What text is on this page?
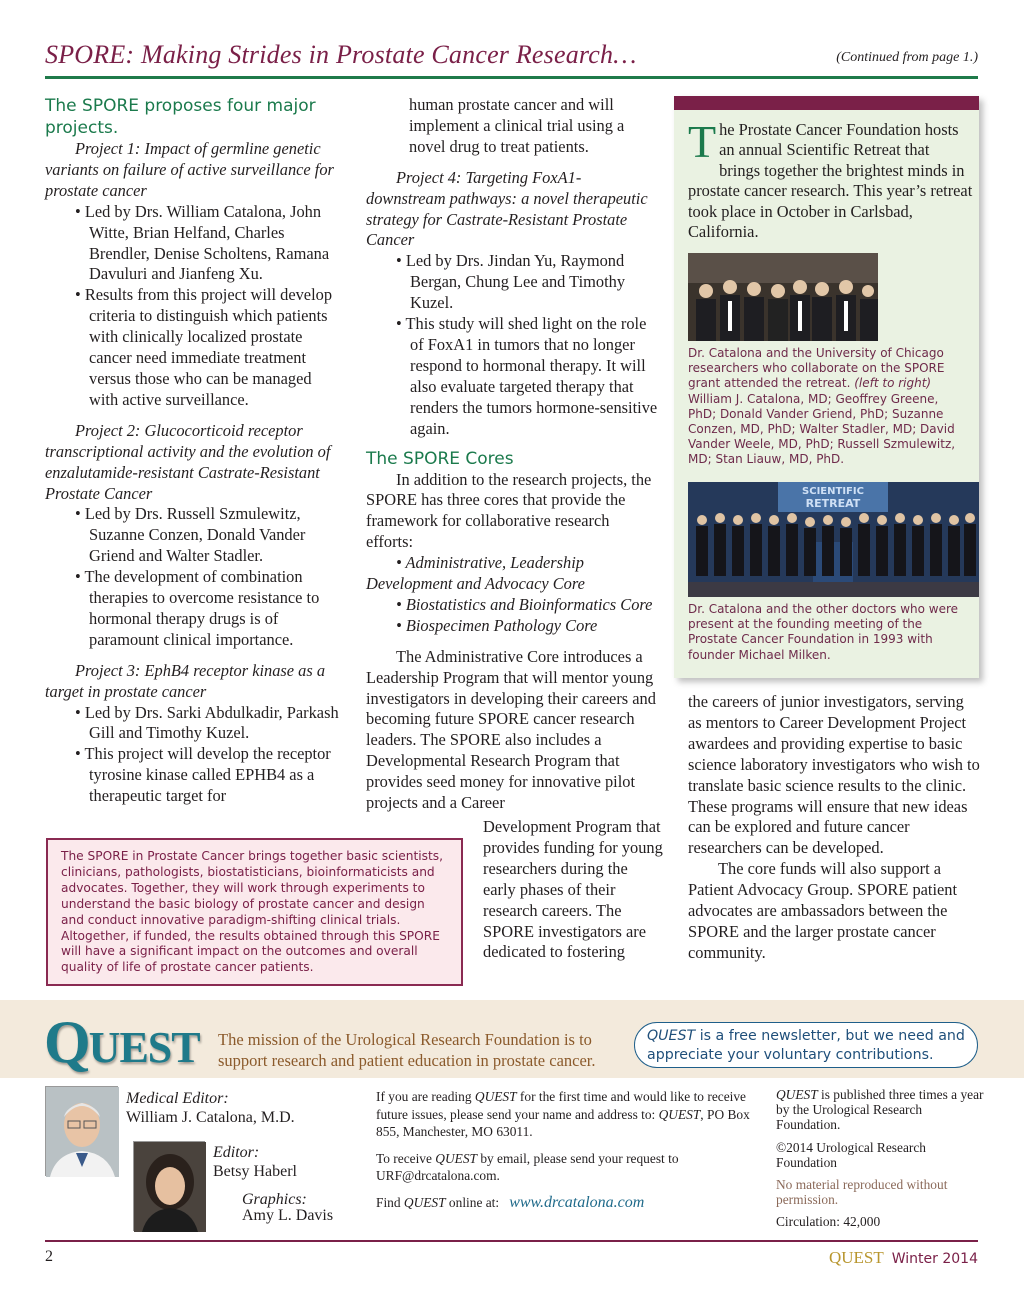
SPORE: Making Strides in Prostate Cancer Research…	(Continued from page 1.)

The SPORE proposes four major projects.

Project 1: Impact of germline genetic variants on failure of active surveillance for prostate cancer

• Led by Drs. William Catalona, John Witte, Brian Helfand, Charles Brendler, Denise Scholtens, Ramana Davuluri and Jianfeng Xu.

• Results from this project will develop criteria to distinguish which patients with clinically localized prostate cancer need immediate treatment versus those who can be managed with active surveillance.

Project 2: Glucocorticoid receptor transcriptional activity and the evolution of enzalutamide-resistant Castrate-Resistant Prostate Cancer

• Led by Drs. Russell Szmulewitz, Suzanne Conzen, Donald Vander Griend and Walter Stadler.

• The development of combination therapies to overcome resistance to hormonal therapy drugs is of paramount clinical importance.

Project 3: EphB4 receptor kinase as a target in prostate cancer

• Led by Drs. Sarki Abdulkadir, Parkash Gill and Timothy Kuzel.

• This project will develop the receptor tyrosine kinase called EPHB4 as a therapeutic target for

human prostate cancer and will implement a clinical trial using a novel drug to treat patients.

Project 4: Targeting FoxA1-downstream pathways: a novel therapeutic strategy for Castrate-Resistant Prostate Cancer

• Led by Drs. Jindan Yu, Raymond Bergan, Chung Lee and Timothy Kuzel.

• This study will shed light on the role of FoxA1 in tumors that no longer respond to hormonal therapy. It will also evaluate targeted therapy that renders the tumors hormone-sensitive again.

The SPORE Cores

In addition to the research projects, the SPORE has three cores that provide the framework for collaborative research efforts:

• Administrative, Leadership Development and Advocacy Core

• Biostatistics and Bioinformatics Core

• Biospecimen Pathology Core

The Administrative Core introduces a Leadership Program that will mentor young investigators in developing their careers and becoming future SPORE cancer research leaders. The SPORE also includes a Developmental Research Program that provides seed money for innovative pilot projects and a Career

Development Program that provides funding for young researchers during the early phases of their research careers. The SPORE investigators are dedicated to fostering

the careers of junior investigators, serving as mentors to Career Development Project awardees and providing expertise to basic science laboratory investigators who wish to translate basic science results to the clinic. These programs will ensure that new ideas can be explored and future cancer researchers can be developed.

The core funds will also support a Patient Advocacy Group. SPORE patient advocates are ambassadors between the SPORE and the larger prostate cancer community.

The Prostate Cancer Foundation hosts an annual Scientific Retreat that brings together the brightest minds in prostate cancer research. This year’s retreat took place in October in Carlsbad, California.
Dr. Catalona and the University of Chicago researchers who collaborate on the SPORE grant attended the retreat. (left to right) William J. Catalona, MD; Geoffrey Greene, PhD; Donald Vander Griend, PhD; Suzanne Conzen, MD, PhD; Walter Stadler, MD; David Vander Weele, MD, PhD; Russell Szmulewitz, MD; Stan Liauw, MD, PhD.
SCIENTIFIC
RETREAT
Dr. Catalona and the other doctors who were present at the founding meeting of the Prostate Cancer Foundation in 1993 with founder Michael Milken.

The SPORE in Prostate Cancer brings together basic scientists, clinicians, pathologists, biostatisticians, bioinformaticists and advocates. Together, they will work through experiments to understand the basic biology of prostate cancer and design and conduct innovative paradigm-shifting clinical trials. Altogether, if funded, the results obtained through this SPORE will have a significant impact on the outcomes and overall quality of life of prostate cancer patients.

QUEST The mission of the Urological Research Foundation is to support research and patient education in prostate cancer.
QUEST is a free newsletter, but we need and appreciate your voluntary contributions.
Medical Editor:
William J. Catalona, M.D.
Editor:
Betsy Haberl
Graphics:
Amy L. Davis

If you are reading QUEST for the first time and would like to receive future issues, please send your name and address to: QUEST, PO Box 855, Manchester, MO 63011.

To receive QUEST by email, please send your request to URF@drcatalona.com.

Find QUEST online at: www.drcatalona.com

QUEST is published three times a year by the Urological Research Foundation.

©2014 Urological Research Foundation

No material reproduced without permission.

Circulation: 42,000

2	QUEST Winter 2014
